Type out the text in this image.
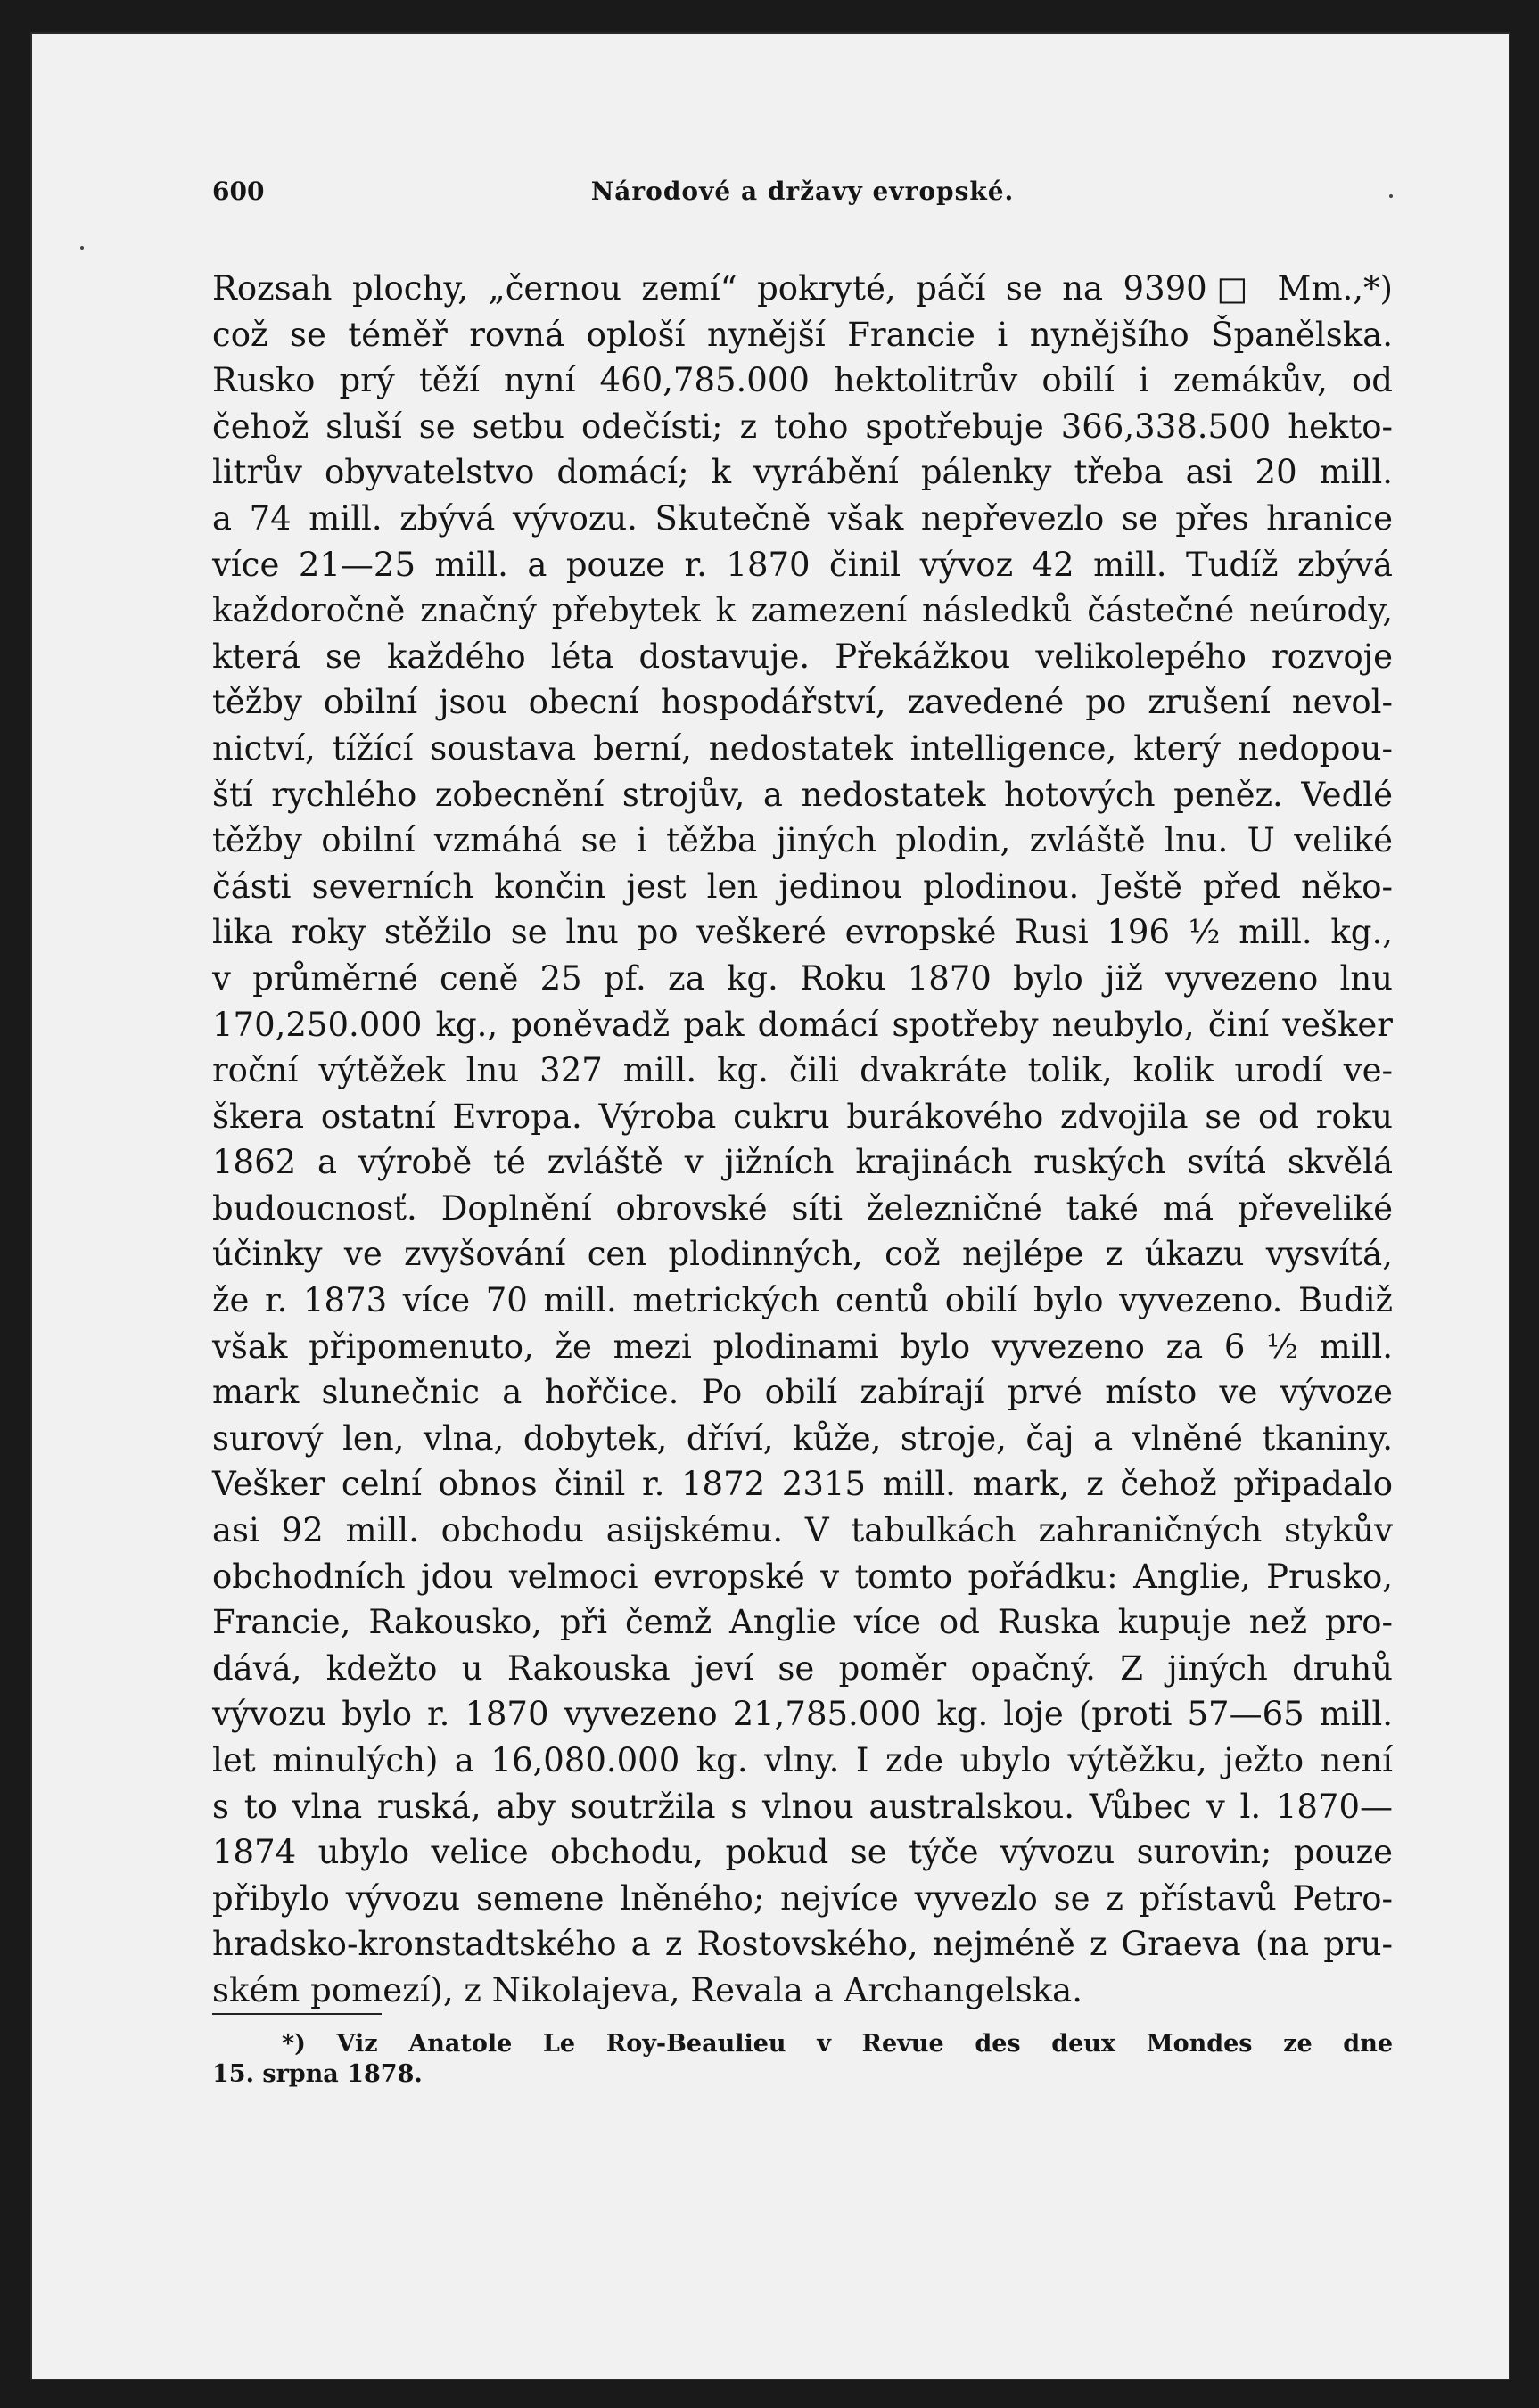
600	Národové a državy evropské.
Rozsah plochy, „černou zemí“ pokryté, páčí se na 9390□ Mm.,*)
což se téměř rovná oploší nynější Francie i nynějšího Španělska.
Rusko prý těží nyní 460,785.000 hektolitrův obilí i zemákův, od
čehož sluší se setbu odečísti; z toho spotřebuje 366,338.500 hekto-
litrův obyvatelstvo domácí; k vyrábění pálenky třeba asi 20 mill.
a 74 mill. zbývá vývozu. Skutečně však nepřevezlo se přes hranice
více 21—25 mill. a pouze r. 1870 činil vývoz 42 mill. Tudíž zbývá
každoročně značný přebytek k zamezení následků částečné neúrody,
která se každého léta dostavuje. Překážkou velikolepého rozvoje
těžby obilní jsou obecní hospodářství, zavedené po zrušení nevol-
nictví, tížící soustava berní, nedostatek intelligence, který nedopou-
ští rychlého zobecnění strojův, a nedostatek hotových peněz. Vedlé
těžby obilní vzmáhá se i těžba jiných plodin, zvláště lnu. U veliké
části severních končin jest len jedinou plodinou. Ještě před něko-
lika roky stěžilo se lnu po veškeré evropské Rusi 196 ½ mill. kg.,
v průměrné ceně 25 pf. za kg. Roku 1870 bylo již vyvezeno lnu
170,250.000 kg., poněvadž pak domácí spotřeby neubylo, činí vešker
roční výtěžek lnu 327 mill. kg. čili dvakráte tolik, kolik urodí ve-
škera ostatní Evropa. Výroba cukru burákového zdvojila se od roku
1862 a výrobě té zvláště v jižních krajinách ruských svítá skvělá
budoucnosť. Doplnění obrovské síti železničné také má převeliké
účinky ve zvyšování cen plodinných, což nejlépe z úkazu vysvítá,
že r. 1873 více 70 mill. metrických centů obilí bylo vyvezeno. Budiž
však připomenuto, že mezi plodinami bylo vyvezeno za 6 ½ mill.
mark slunečnic a hořčice. Po obilí zabírají prvé místo ve vývoze
surový len, vlna, dobytek, dříví, kůže, stroje, čaj a vlněné tkaniny.
Vešker celní obnos činil r. 1872 2315 mill. mark, z čehož připadalo
asi 92 mill. obchodu asijskému. V tabulkách zahraničných stykův
obchodních jdou velmoci evropské v tomto pořádku: Anglie, Prusko,
Francie, Rakousko, při čemž Anglie více od Ruska kupuje než pro-
dává, kdežto u Rakouska jeví se poměr opačný. Z jiných druhů
vývozu bylo r. 1870 vyvezeno 21,785.000 kg. loje (proti 57—65 mill.
let minulých) a 16,080.000 kg. vlny. I zde ubylo výtěžku, ježto není
s to vlna ruská, aby soutržila s vlnou australskou. Vůbec v l. 1870—
1874 ubylo velice obchodu, pokud se týče vývozu surovin; pouze
přibylo vývozu semene lněného; nejvíce vyvezlo se z přístavů Petro-
hradsko-kronstadtského a z Rostovského, nejméně z Graeva (na pru-
ském pomezí), z Nikolajeva, Revala a Archangelska.
*) Viz Anatole Le Roy-Beaulieu v Revue des deux Mondes ze dne
15. srpna 1878.
